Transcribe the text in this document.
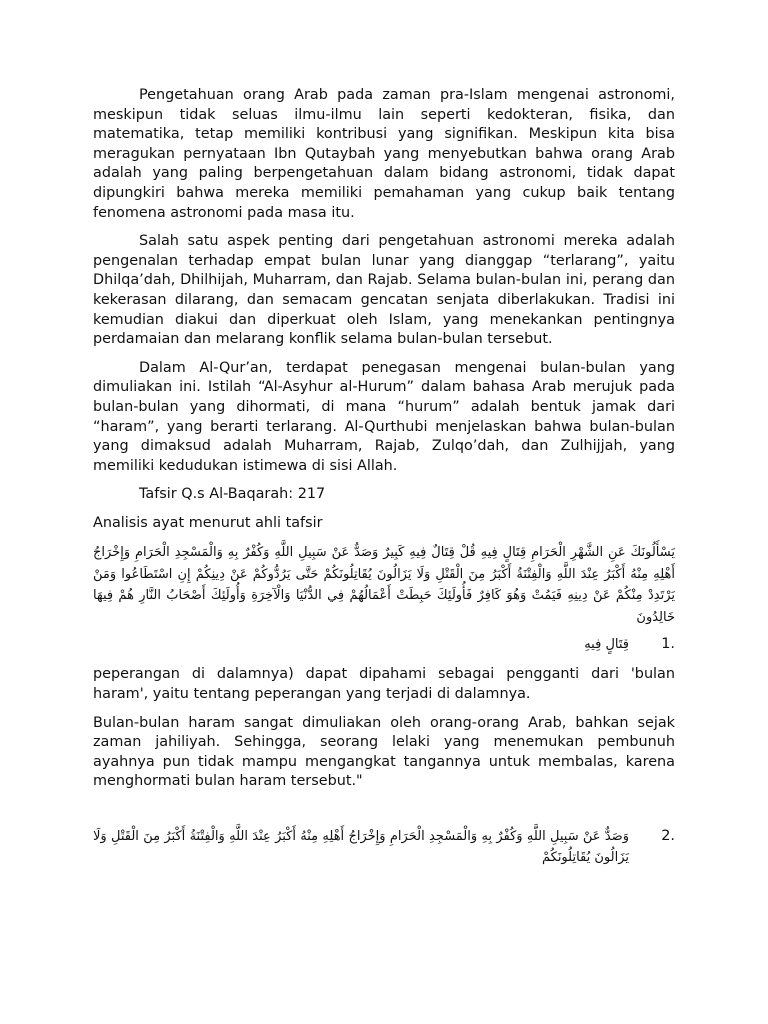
Pengetahuan orang Arab pada zaman pra-Islam mengenai astronomi, meskipun tidak seluas ilmu-ilmu lain seperti kedokteran, fisika, dan matematika, tetap memiliki kontribusi yang signifikan. Meskipun kita bisa meragukan pernyataan Ibn Qutaybah yang menyebutkan bahwa orang Arab adalah yang paling berpengetahuan dalam bidang astronomi, tidak dapat dipungkiri bahwa mereka memiliki pemahaman yang cukup baik tentang fenomena astronomi pada masa itu.

Salah satu aspek penting dari pengetahuan astronomi mereka adalah pengenalan terhadap empat bulan lunar yang dianggap “terlarang”, yaitu Dhilqa’dah, Dhilhijah, Muharram, dan Rajab. Selama bulan-bulan ini, perang dan kekerasan dilarang, dan semacam gencatan senjata diberlakukan. Tradisi ini kemudian diakui dan diperkuat oleh Islam, yang menekankan pentingnya perdamaian dan melarang konflik selama bulan-bulan tersebut.

Dalam Al-Qur’an, terdapat penegasan mengenai bulan-bulan yang dimuliakan ini. Istilah “Al-Asyhur al-Hurum” dalam bahasa Arab merujuk pada bulan-bulan yang dihormati, di mana “hurum” adalah bentuk jamak dari “haram”, yang berarti terlarang. Al-Qurthubi menjelaskan bahwa bulan-bulan yang dimaksud adalah Muharram, Rajab, Zulqo’dah, dan Zulhijjah, yang memiliki kedudukan istimewa di sisi Allah.

Tafsir Q.s Al-Baqarah: 217

Analisis ayat menurut ahli tafsir

يَسْأَلُونَكَ عَنِ الشَّهْرِ الْحَرَامِ قِتَالٍ فِيهِ قُلْ قِتَالٌ فِيهِ كَبِيرٌ وَصَدٌّ عَنْ سَبِيلِ اللَّهِ وَكُفْرٌ بِهِ وَالْمَسْجِدِ الْحَرَامِ وَإِخْرَاجُ أَهْلِهِ مِنْهُ أَكْبَرُ عِنْدَ اللَّهِ وَالْفِتْنَةُ أَكْبَرُ مِنَ الْقَتْلِ وَلَا يَزَالُونَ يُقَاتِلُونَكُمْ حَتَّى يَرُدُّوكُمْ عَنْ دِينِكُمْ إِنِ اسْتَطَاعُوا وَمَنْ يَرْتَدِدْ مِنْكُمْ عَنْ دِينِهِ فَيَمُتْ وَهُوَ كَافِرٌ فَأُولَئِكَ حَبِطَتْ أَعْمَالُهُمْ فِي الدُّنْيَا وَالْآخِرَةِ وَأُولَئِكَ أَصْحَابُ النَّارِ هُمْ فِيهَا خَالِدُونَ

1.
قِتَالٍ فِيهِ

peperangan di dalamnya) dapat dipahami sebagai pengganti dari 'bulan haram', yaitu tentang peperangan yang terjadi di dalamnya.

Bulan-bulan haram sangat dimuliakan oleh orang-orang Arab, bahkan sejak zaman jahiliyah. Sehingga, seorang lelaki yang menemukan pembunuh ayahnya pun tidak mampu mengangkat tangannya untuk membalas, karena menghormati bulan haram tersebut."

2.
وَصَدٌّ عَنْ سَبِيلِ اللَّهِ وَكُفْرٌ بِهِ وَالْمَسْجِدِ الْحَرَامِ وَإِخْرَاجُ أَهْلِهِ مِنْهُ أَكْبَرُ عِنْدَ اللَّهِ وَالْفِتْنَةُ أَكْبَرُ مِنَ الْقَتْلِ وَلَا يَزَالُونَ يُقَاتِلُونَكُمْ
